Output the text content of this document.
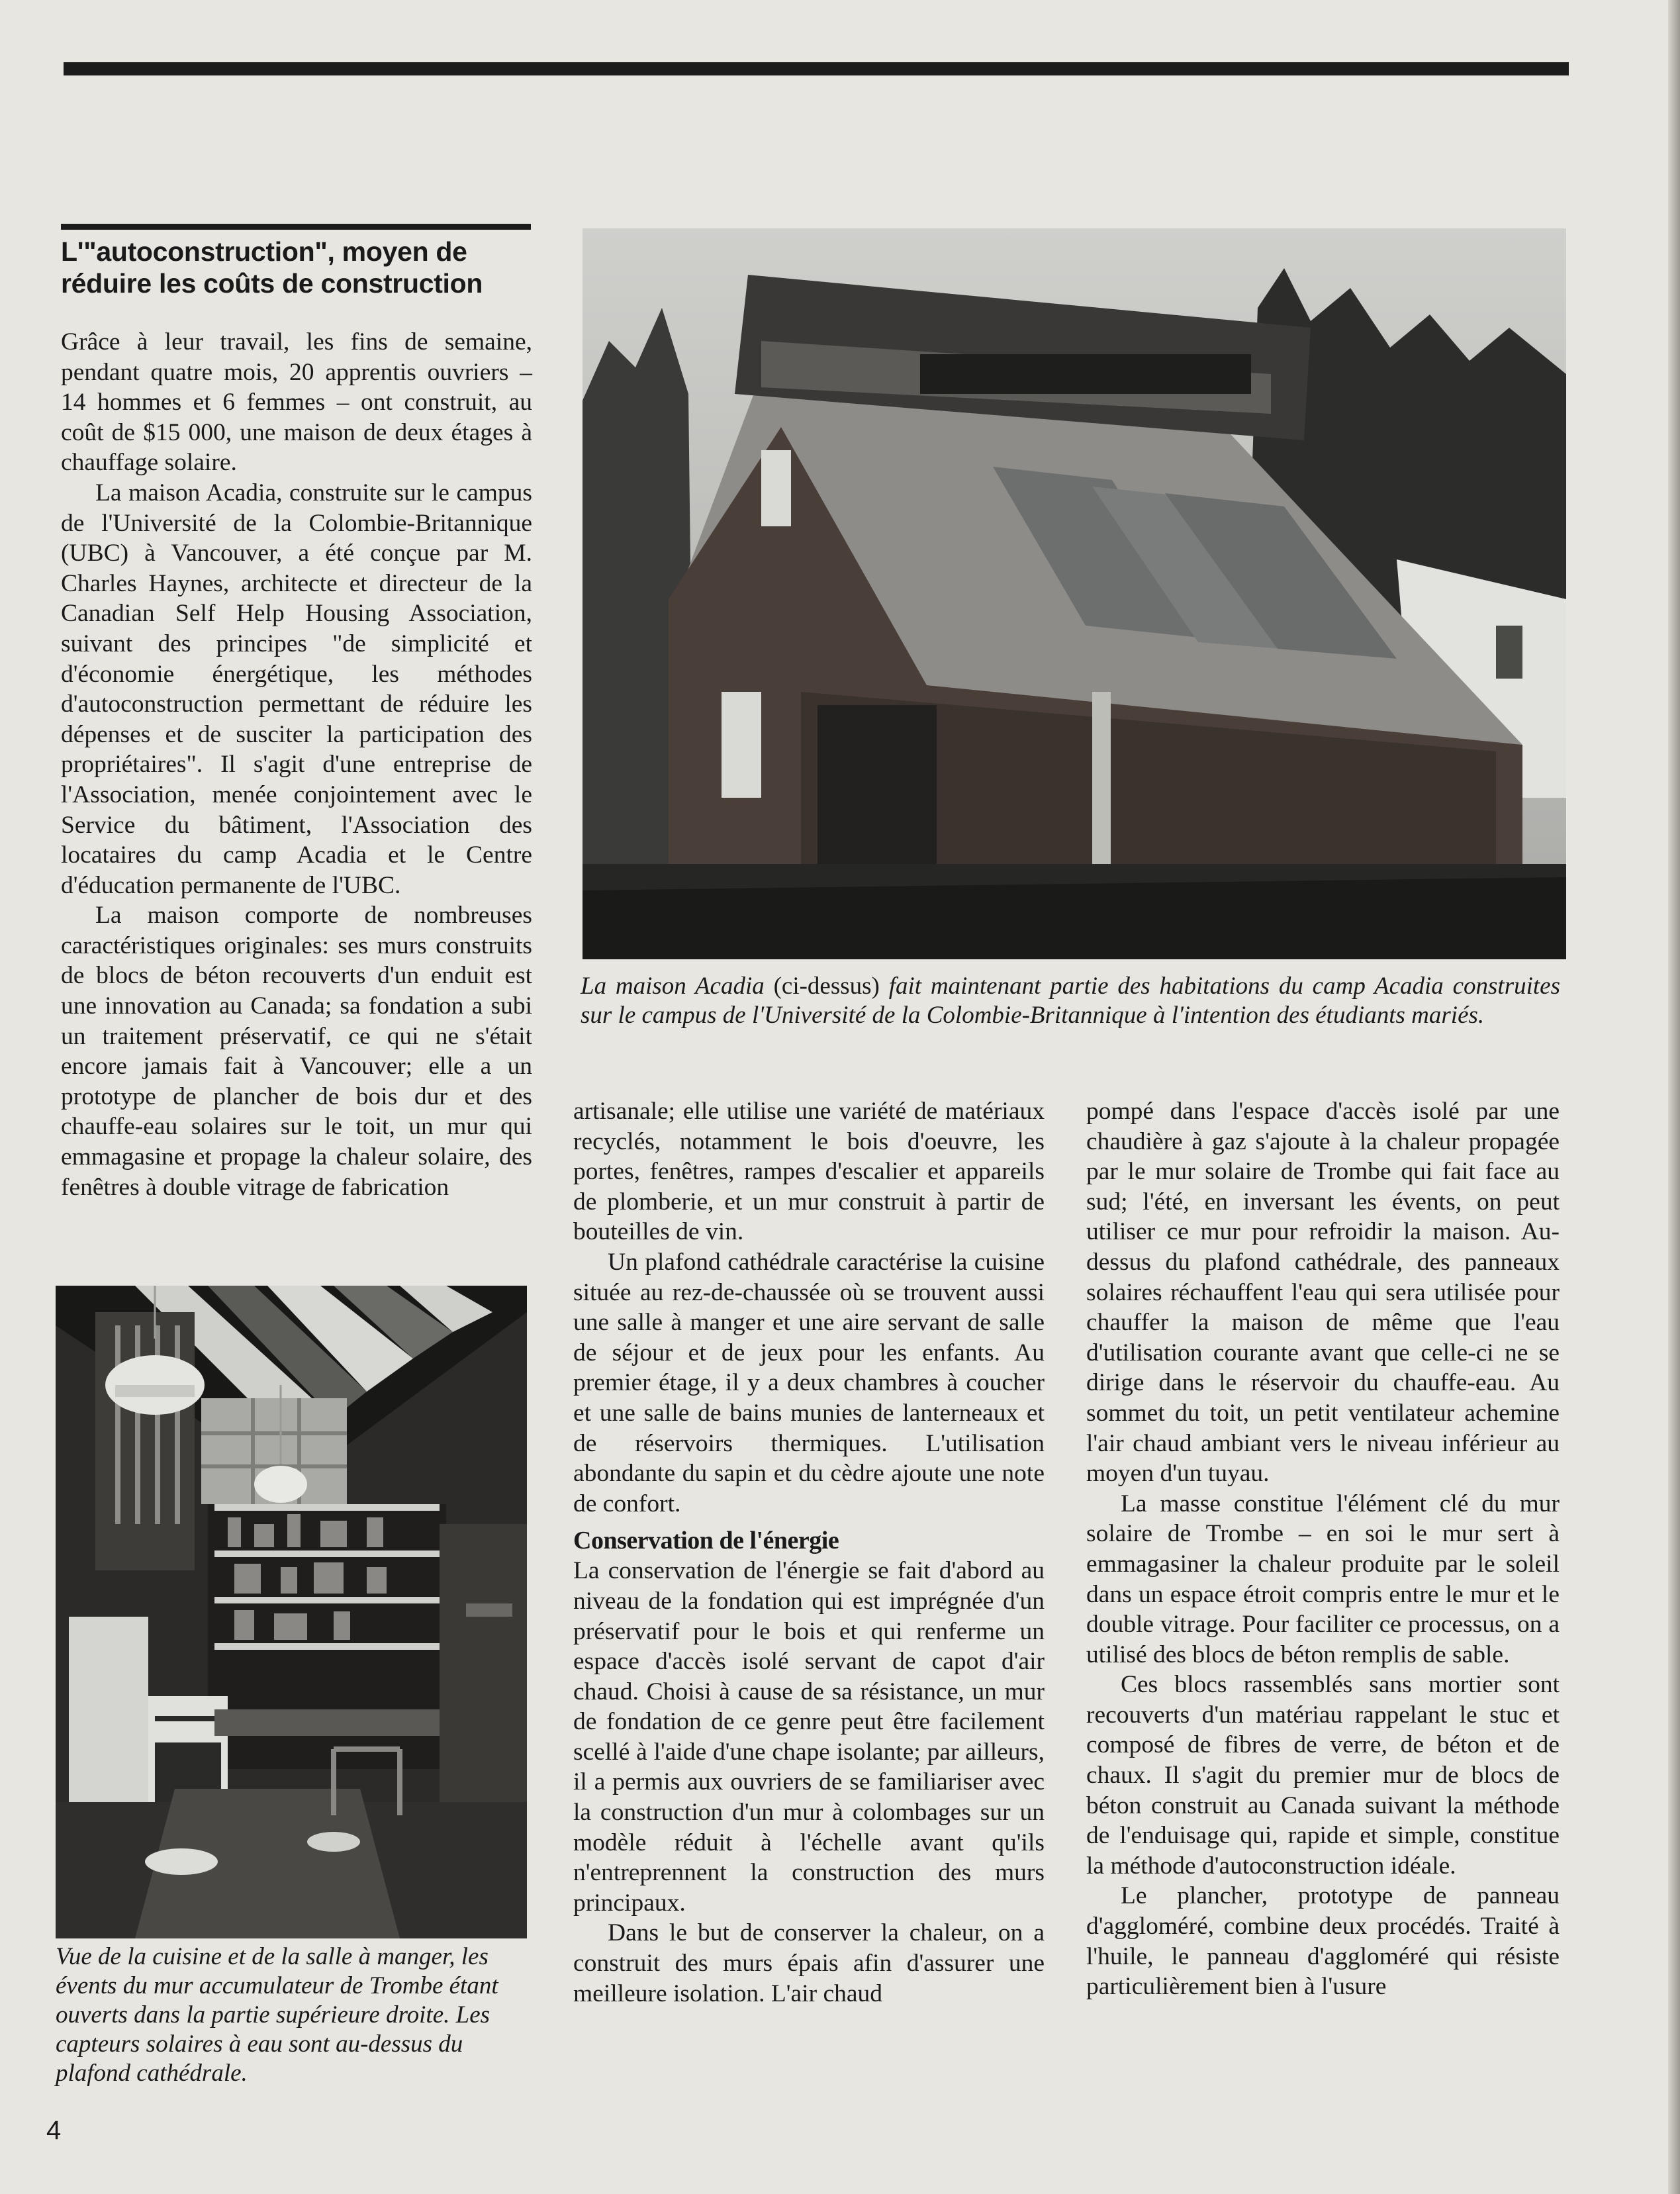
L'"autoconstruction", moyen de réduire les coûts de construction

Grâce à leur travail, les fins de semaine, pendant quatre mois, 20 apprentis ouvriers – 14 hommes et 6 femmes – ont construit, au coût de $15 000, une maison de deux étages à chauffage solaire.

La maison Acadia, construite sur le campus de l'Université de la Colombie-Britannique (UBC) à Vancouver, a été conçue par M. Charles Haynes, architecte et directeur de la Canadian Self Help Housing Association, suivant des principes "de simplicité et d'économie énergétique, les méthodes d'autoconstruction permettant de réduire les dépenses et de susciter la participation des propriétaires". Il s'agit d'une entreprise de l'Association, menée conjointement avec le Service du bâtiment, l'Association des locataires du camp Acadia et le Centre d'éducation permanente de l'UBC.

La maison comporte de nombreuses caractéristiques originales: ses murs construits de blocs de béton recouverts d'un enduit est une innovation au Canada; sa fondation a subi un traitement préservatif, ce qui ne s'était encore jamais fait à Vancouver; elle a un prototype de plancher de bois dur et des chauffe-eau solaires sur le toit, un mur qui emmagasine et propage la chaleur solaire, des fenêtres à double vitrage de fabrication

La maison Acadia (ci-dessus) fait maintenant partie des habitations du camp Acadia construites sur le campus de l'Université de la Colombie-Britannique à l'intention des étudiants mariés.

Vue de la cuisine et de la salle à manger, les évents du mur accumulateur de Trombe étant ouverts dans la partie supérieure droite. Les capteurs solaires à eau sont au-dessus du plafond cathédrale.

artisanale; elle utilise une variété de matériaux recyclés, notamment le bois d'oeuvre, les portes, fenêtres, rampes d'escalier et appareils de plomberie, et un mur construit à partir de bouteilles de vin.

Un plafond cathédrale caractérise la cuisine située au rez-de-chaussée où se trouvent aussi une salle à manger et une aire servant de salle de séjour et de jeux pour les enfants. Au premier étage, il y a deux chambres à coucher et une salle de bains munies de lanterneaux et de réservoirs thermiques. L'utilisation abondante du sapin et du cèdre ajoute une note de confort.

Conservation de l'énergie

La conservation de l'énergie se fait d'abord au niveau de la fondation qui est imprégnée d'un préservatif pour le bois et qui renferme un espace d'accès isolé servant de capot d'air chaud. Choisi à cause de sa résistance, un mur de fondation de ce genre peut être facilement scellé à l'aide d'une chape isolante; par ailleurs, il a permis aux ouvriers de se familiariser avec la construction d'un mur à colombages sur un modèle réduit à l'échelle avant qu'ils n'entreprennent la construction des murs principaux.

Dans le but de conserver la chaleur, on a construit des murs épais afin d'assurer une meilleure isolation. L'air chaud

pompé dans l'espace d'accès isolé par une chaudière à gaz s'ajoute à la chaleur propagée par le mur solaire de Trombe qui fait face au sud; l'été, en inversant les évents, on peut utiliser ce mur pour refroidir la maison. Au-dessus du plafond cathédrale, des panneaux solaires réchauffent l'eau qui sera utilisée pour chauffer la maison de même que l'eau d'utilisation courante avant que celle-ci ne se dirige dans le réservoir du chauffe-eau. Au sommet du toit, un petit ventilateur achemine l'air chaud ambiant vers le niveau inférieur au moyen d'un tuyau.

La masse constitue l'élément clé du mur solaire de Trombe – en soi le mur sert à emmagasiner la chaleur produite par le soleil dans un espace étroit compris entre le mur et le double vitrage. Pour faciliter ce processus, on a utilisé des blocs de béton remplis de sable.

Ces blocs rassemblés sans mortier sont recouverts d'un matériau rappelant le stuc et composé de fibres de verre, de béton et de chaux. Il s'agit du premier mur de blocs de béton construit au Canada suivant la méthode de l'enduisage qui, rapide et simple, constitue la méthode d'autoconstruction idéale.

Le plancher, prototype de panneau d'aggloméré, combine deux procédés. Traité à l'huile, le panneau d'aggloméré qui résiste particulièrement bien à l'usure

4
